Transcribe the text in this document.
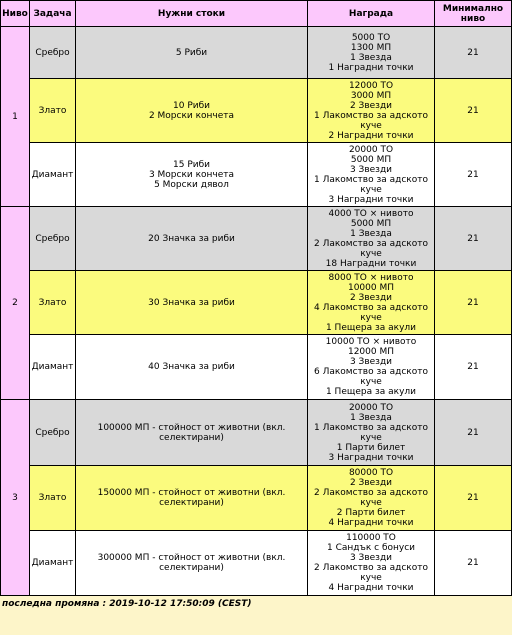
Ниво	Задача	Нужни стоки	Награда	Минимално ниво
1	Сребро	5 Риби	5000 ТО
1300 МП
1 Звезда
1 Наградни точки	21
	Злато	10 Риби
2 Морски кончета	12000 ТО
3000 МП
2 Звезди
1 Лакомство за адското куче
2 Наградни точки	21
	Диамант	15 Риби
3 Морски кончета
5 Морски дявол	20000 ТО
5000 МП
3 Звезди
1 Лакомство за адското куче
3 Наградни точки	21
2	Сребро	20 Значка за риби	4000 ТО × нивото
5000 МП
1 Звезда
2 Лакомство за адското куче
18 Наградни точки	21
	Злато	30 Значка за риби	8000 ТО × нивото
10000 МП
2 Звезди
4 Лакомство за адското куче
1 Пещера за акули	21
	Диамант	40 Значка за риби	10000 ТО × нивото
12000 МП
3 Звезди
6 Лакомство за адското куче
1 Пещера за акули	21
3	Сребро	100000 МП - стойност от животни (вкл. селектирани)	20000 ТО
1 Звезда
1 Лакомство за адското куче
1 Парти билет
3 Наградни точки	21
	Злато	150000 МП - стойност от животни (вкл. селектирани)	80000 ТО
2 Звезди
2 Лакомство за адското куче
2 Парти билет
4 Наградни точки	21
	Диамант	300000 МП - стойност от животни (вкл. селектирани)	110000 ТО
1 Сандък с бонуси
3 Звезди
2 Лакомство за адското куче
4 Наградни точки	21
последна промяна : 2019-10-12 17:50:09 (CEST)
